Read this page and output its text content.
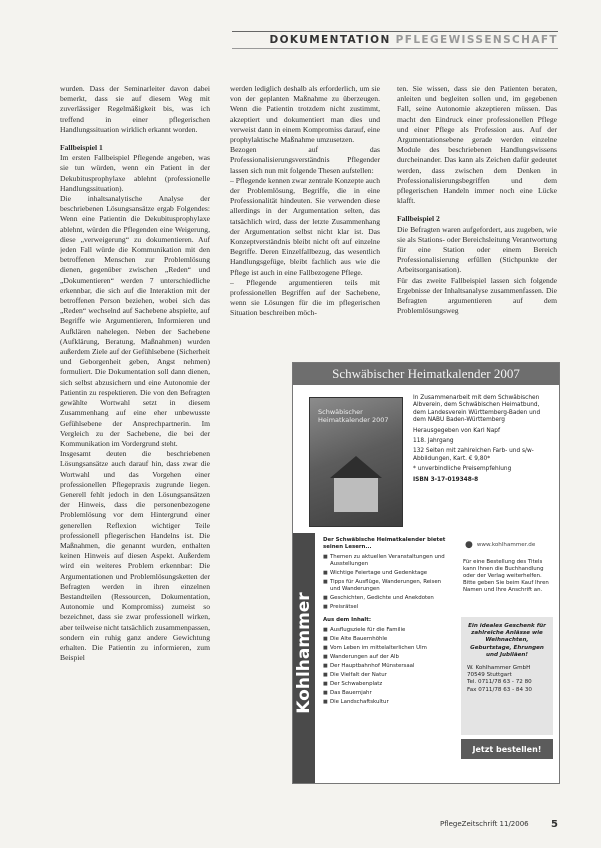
DOKUMENTATION PFLEGEWISSENSCHAFT

wurden. Dass der Seminarleiter davon dabei bemerkt, dass sie auf diesem Weg mit zuverlässiger Regelmäßigkeit bis, was ich treffend in einer pflegerischen Handlungssituation wirklich erkannt worden.

Fallbeispiel 1

Im ersten Fallbeispiel Pflegende angeben, was sie tun würden, wenn ein Patient in der Dekubitusprophylaxe ablehnt (professionelle Handlungssituation).

Die inhaltsanalytische Analyse der beschriebenen Lösungsansätze ergab Folgendes: Wenn eine Patientin die Dekubitusprophylaxe ablehnt, würden die Pflegenden eine Weigerung, diese „verweigerung“ zu dokumentieren. Auf jeden Fall würde die Kommunikation mit den betroffenen Menschen zur Problemlösung dienen, gegenüber zwischen „Reden“ und „Dokumentieren“ werden 7 unterschiedliche erkennbar, die sich auf die Interaktion mit der betroffenen Person beziehen, wobei sich das „Reden“ wechselnd auf Sachebene abspielte, auf Begriffe wie Argumentieren, Informieren und Aufklären nahelegen. Neben der Sachebene (Aufklärung, Beratung, Maßnahmen) wurden außerdem Ziele auf der Gefühlsebene (Sicherheit und Geborgenheit geben, Angst nehmen) formuliert. Die Dokumentation soll dann dienen, sich selbst abzusichern und eine Autonomie der Patientin zu respektieren. Die von den Befragten gewählte Wortwahl setzt in diesem Zusammenhang auf eine eher unbewusste Gefühlsebene der Ansprechpartnerin. Im Vergleich zu der Sachebene, die bei der Kommunikation im Vordergrund steht.

Insgesamt deuten die beschriebenen Lösungsansätze auch darauf hin, dass zwar die Wortwahl und das Vorgehen einer professionellen Pflegepraxis zugrunde liegen. Generell fehlt jedoch in den Lösungsansätzen der Hinweis, dass die personenbezogene Problemlösung vor dem Hintergrund einer generellen Reflexion wichtiger Teile professionell pflegerischen Handelns ist. Die Maßnahmen, die genannt wurden, enthalten keinen Hinweis auf diesen Aspekt. Außerdem wird ein weiteres Problem erkennbar: Die Argumentationen und Problemlösungsketten der Befragten werden in ihren einzelnen Bestandteilen (Ressourcen, Dokumentation, Autonomie und Kompromiss) zumeist so bezeichnet, dass sie zwar professionell wirken, aber teilweise nicht tatsächlich zusammenpassen, sondern ein ruhig ganz andere Gewichtung erhalten. Die Patientin zu informieren, zum Beispiel

werden lediglich deshalb als erforderlich, um sie von der geplanten Maßnahme zu überzeugen. Wenn die Patientin trotzdem nicht zustimmt, akzeptiert und dokumentiert man dies und verweist dann in einem Kompromiss darauf, eine prophylaktische Maßnahme umzusetzen.

Bezogen auf das Professionalisierungsverständnis Pflegender lassen sich nun mit folgende Thesen aufstellen:

– Pflegende kennen zwar zentrale Konzepte auch der Problemlösung, Begriffe, die in eine Professionalität hindeuten. Sie verwenden diese allerdings in der Argumentation selten, das tatsächlich wird, dass der letzte Zusammenhang der Argumentation selbst nicht klar ist. Das Konzeptverständnis bleibt nicht oft auf einzelne Begriffe. Deren Einzelfallbezug, das wesentlich Handlungsgefüge, bleibt fachlich aus wie die Pflege ist auch in eine Fallbezogene Pflege.

– Pflegende argumentieren teils mit professionellen Begriffen auf der Sachebene, wenn sie Lösungen für die im pflegerischen Situation beschreiben möch-

ten. Sie wissen, dass sie den Patienten beraten, anleiten und begleiten sollen und, im gegebenen Fall, seine Autonomie akzeptieren müssen. Das macht den Eindruck einer professionellen Pflege und einer Pflege als Profession aus. Auf der Argumentationsebene gerade werden einzelne Module des beschriebenen Handlungswissens durcheinander. Das kann als Zeichen dafür gedeutet werden, dass zwischen dem Denken in Professionalisierungsbegriffen und dem pflegerischen Handeln immer noch eine Lücke klafft.

Fallbeispiel 2

Die Befragten waren aufgefordert, aus zugeben, wie sie als Stations- oder Bereichsleitung Verantwortung für eine Station oder einem Bereich Professionalisierung erfüllen (Stichpunkte der Arbeitsorganisation).

Für das zweite Fallbeispiel lassen sich folgende Ergebnisse der Inhaltsanalyse zusammenfassen. Die Befragten argumentieren auf dem Problemlösungsweg

Schwäbischer Heimatkalender 2007
Schwäbischer Heimatkalender 2007

In Zusammenarbeit mit dem Schwäbischen Albverein, dem Schwäbischen Heimatbund, dem Landesverein Württemberg-Baden und dem NABU Baden-Württemberg

Herausgegeben von Karl Napf

118. Jahrgang

132 Seiten mit zahlreichen Farb- und s/w-Abbildungen, Kart. € 9,80*

* unverbindliche Preisempfehlung

ISBN 3-17-019348-8

Kohlhammer
Der Schwäbische Heimatkalender bietet seinen Lesern...
■ Themen zu aktuellen Veranstaltungen und Ausstellungen
■ Wichtige Feiertage und Gedenktage
■ Tipps für Ausflüge, Wanderungen, Reisen und Wanderungen
■ Geschichten, Gedichte und Anekdoten
■ Preisrätsel
Aus dem Inhalt:
■ Ausflugsziele für die Familie
■ Die Alte Bauernhöhle
■ Vom Leben im mittelalterlichen Ulm
■ Wanderungen auf der Alb
■ Der Hauptbahnhof Münstersaal
■ Die Vielfalt der Natur
■ Der Schwabenplatz
■ Das Bauernjahr
■ Die Landschaftskultur
● www.kohlhammer.de
Für eine Bestellung des Titels kann Ihnen die Buchhandlung oder der Verlag weiterhelfen. Bitte geben Sie beim Kauf Ihren Namen und Ihre Anschrift an.
Ein ideales Geschenk für zahlreiche Anlässe wie Weihnachten, Geburtstage, Ehrungen und Jubiläen!
W. Kohlhammer GmbH
70549 Stuttgart
Tel. 0711/78 63 - 72 80
Fax 0711/78 63 - 84 30
Jetzt bestellen!
PflegeZeitschrift 11/2006 5
